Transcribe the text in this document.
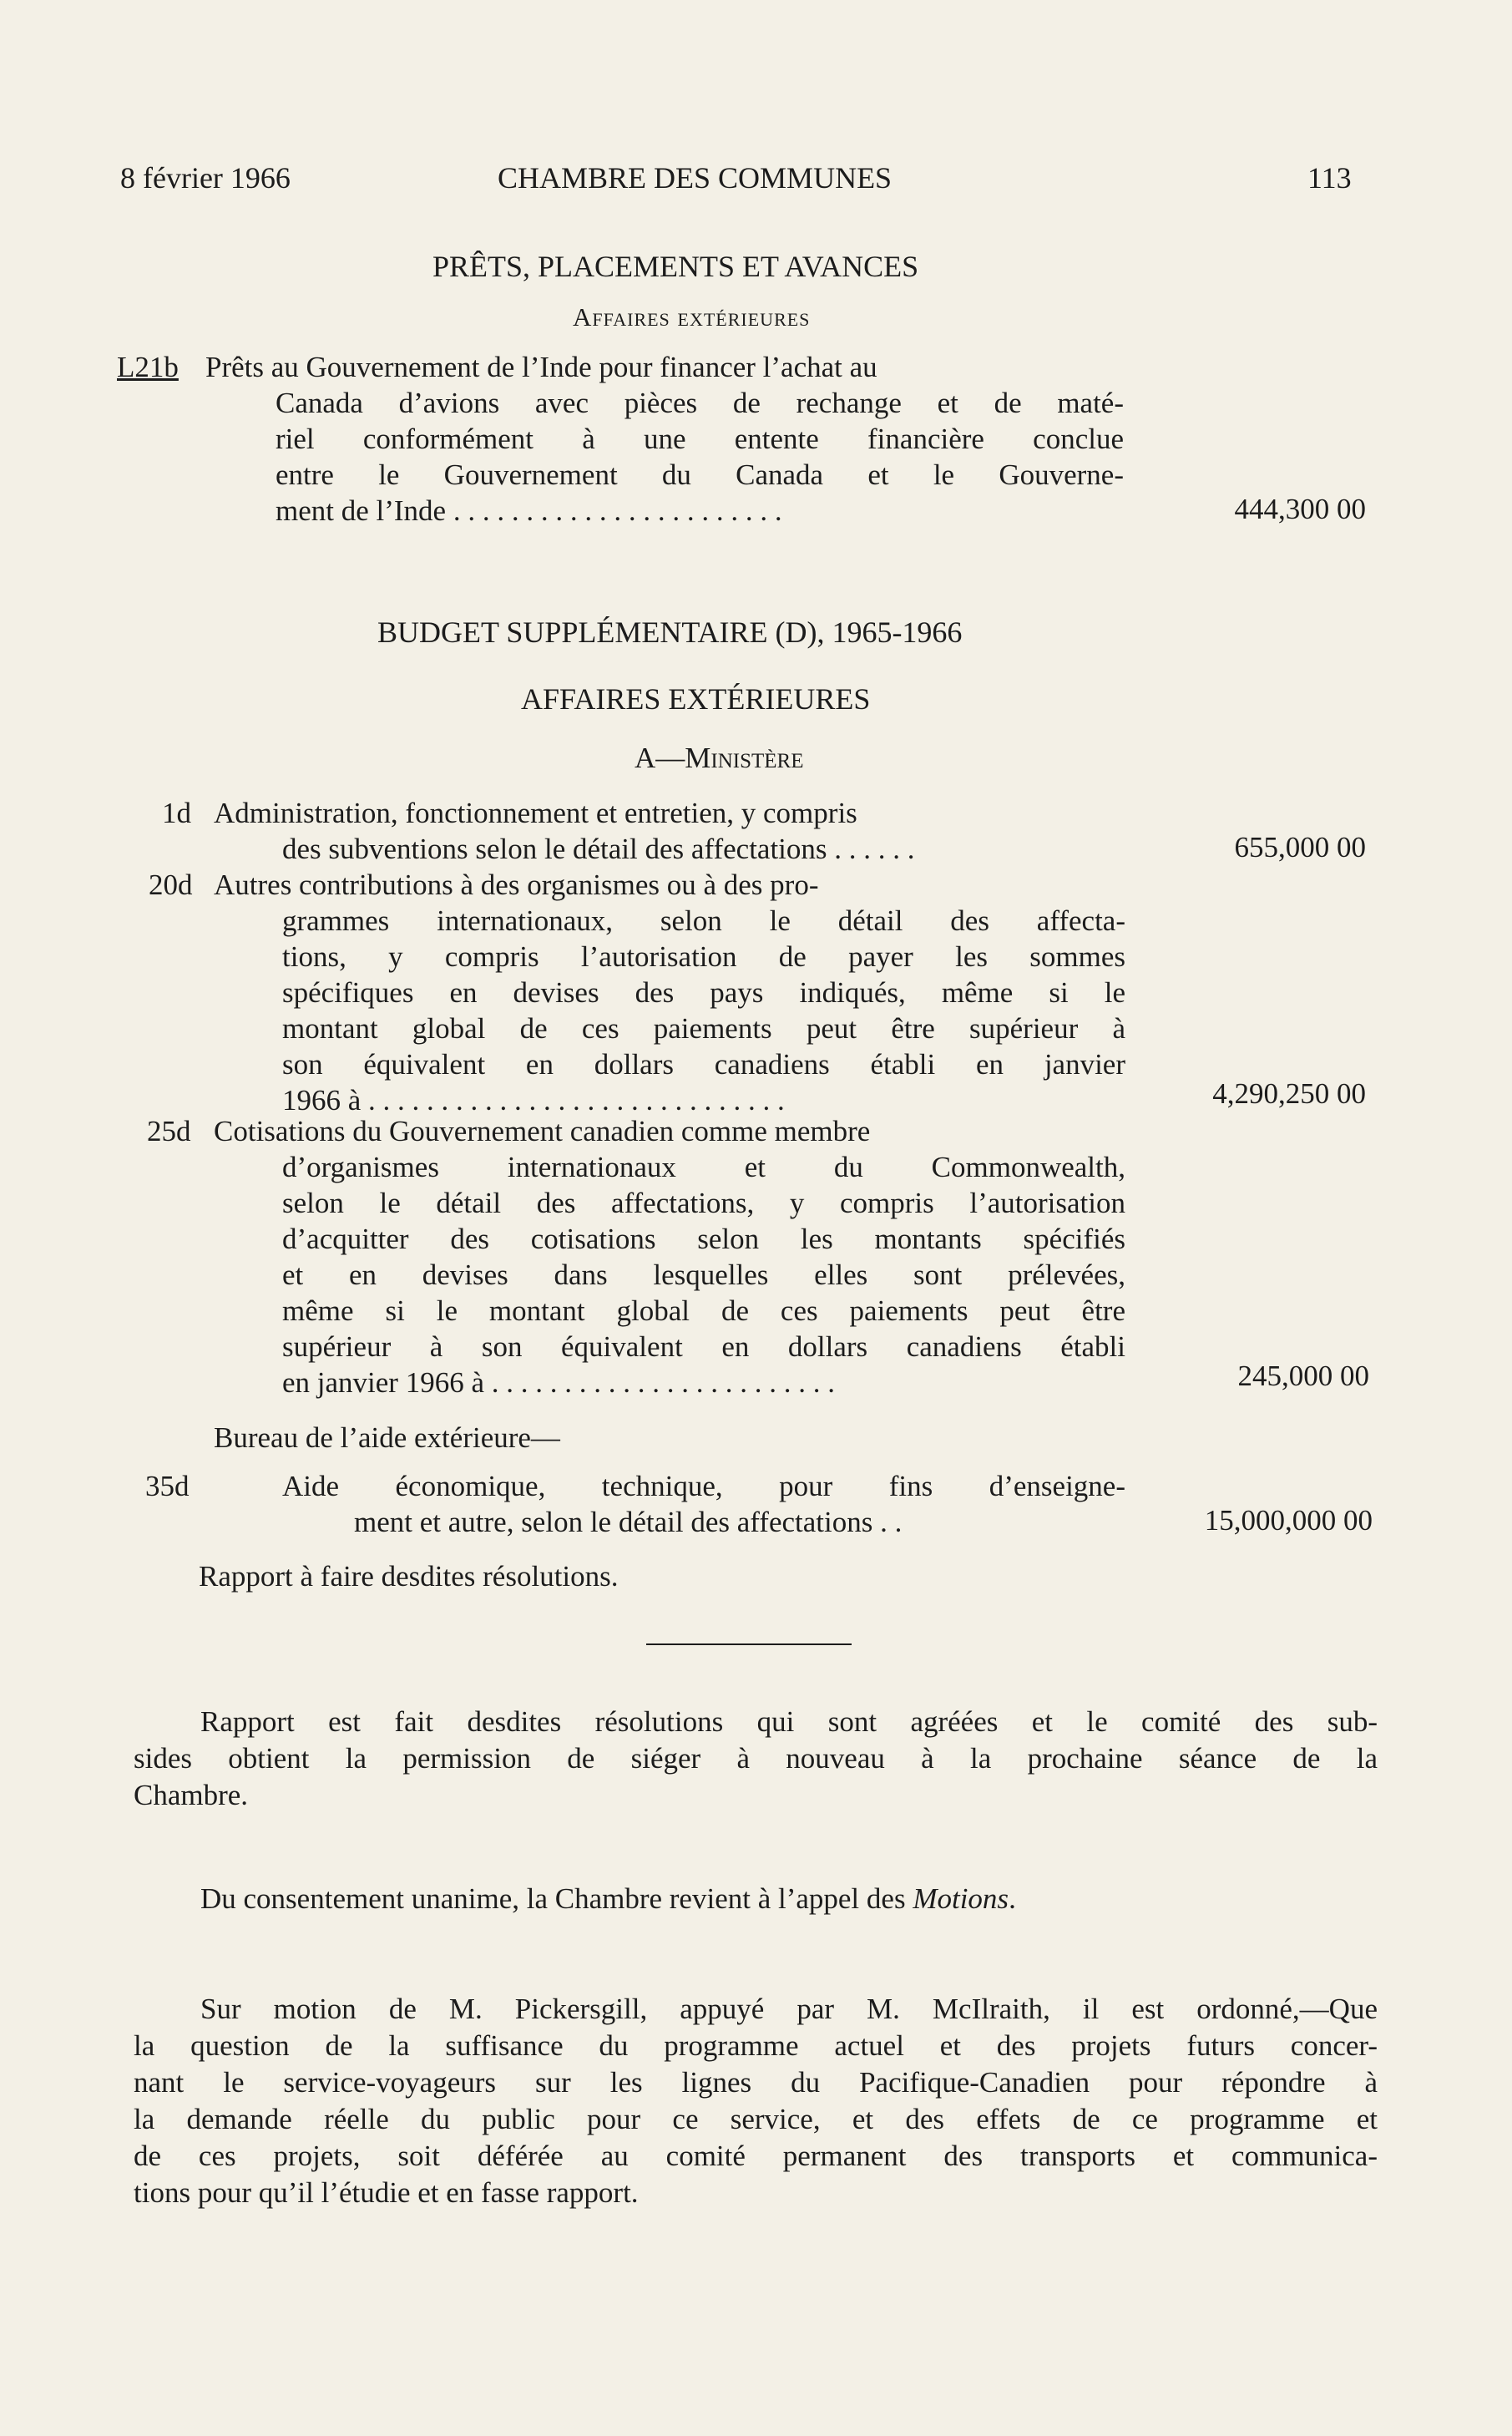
8 février 1966	CHAMBRE DES COMMUNES	113
PRÊTS, PLACEMENTS ET AVANCES
Affaires extérieures
L21b Prêts au Gouvernement de l’Inde pour financer l’achat au
Canada d’avions avec pièces de rechange et de maté-
riel conformément à une entente financière conclue
entre le Gouvernement du Canada et le Gouverne-
ment de l’Inde . . . . . . . . . . . . . . . . . . . . . . .	444,300 00
BUDGET SUPPLÉMENTAIRE (D), 1965-1966
AFFAIRES EXTÉRIEURES
A—Ministère
1d Administration, fonctionnement et entretien, y compris
des subventions selon le détail des affectations . . . . . .	655,000 00
20d Autres contributions à des organismes ou à des pro-
grammes internationaux, selon le détail des affecta-
tions, y compris l’autorisation de payer les sommes
spécifiques en devises des pays indiqués, même si le
montant global de ces paiements peut être supérieur à
son équivalent en dollars canadiens établi en janvier
1966 à . . . . . . . . . . . . . . . . . . . . . . . . . . . . .	4,290,250 00
25d Cotisations du Gouvernement canadien comme membre
d’organismes internationaux et du Commonwealth,
selon le détail des affectations, y compris l’autorisation
d’acquitter des cotisations selon les montants spécifiés
et en devises dans lesquelles elles sont prélevées,
même si le montant global de ces paiements peut être
supérieur à son équivalent en dollars canadiens établi
en janvier 1966 à . . . . . . . . . . . . . . . . . . . . . . . .	245,000 00
Bureau de l’aide extérieure—
35d	Aide économique, technique, pour fins d’enseigne-
ment et autre, selon le détail des affectations . .	15,000,000 00
Rapport à faire desdites résolutions.
Rapport est fait desdites résolutions qui sont agréées et le comité des sub-
sides obtient la permission de siéger à nouveau à la prochaine séance de la
Chambre.
Du consentement unanime, la Chambre revient à l’appel des Motions.
Sur motion de M. Pickersgill, appuyé par M. McIlraith, il est ordonné,—Que
la question de la suffisance du programme actuel et des projets futurs concer-
nant le service-voyageurs sur les lignes du Pacifique-Canadien pour répondre à
la demande réelle du public pour ce service, et des effets de ce programme et
de ces projets, soit déférée au comité permanent des transports et communica-
tions pour qu’il l’étudie et en fasse rapport.
